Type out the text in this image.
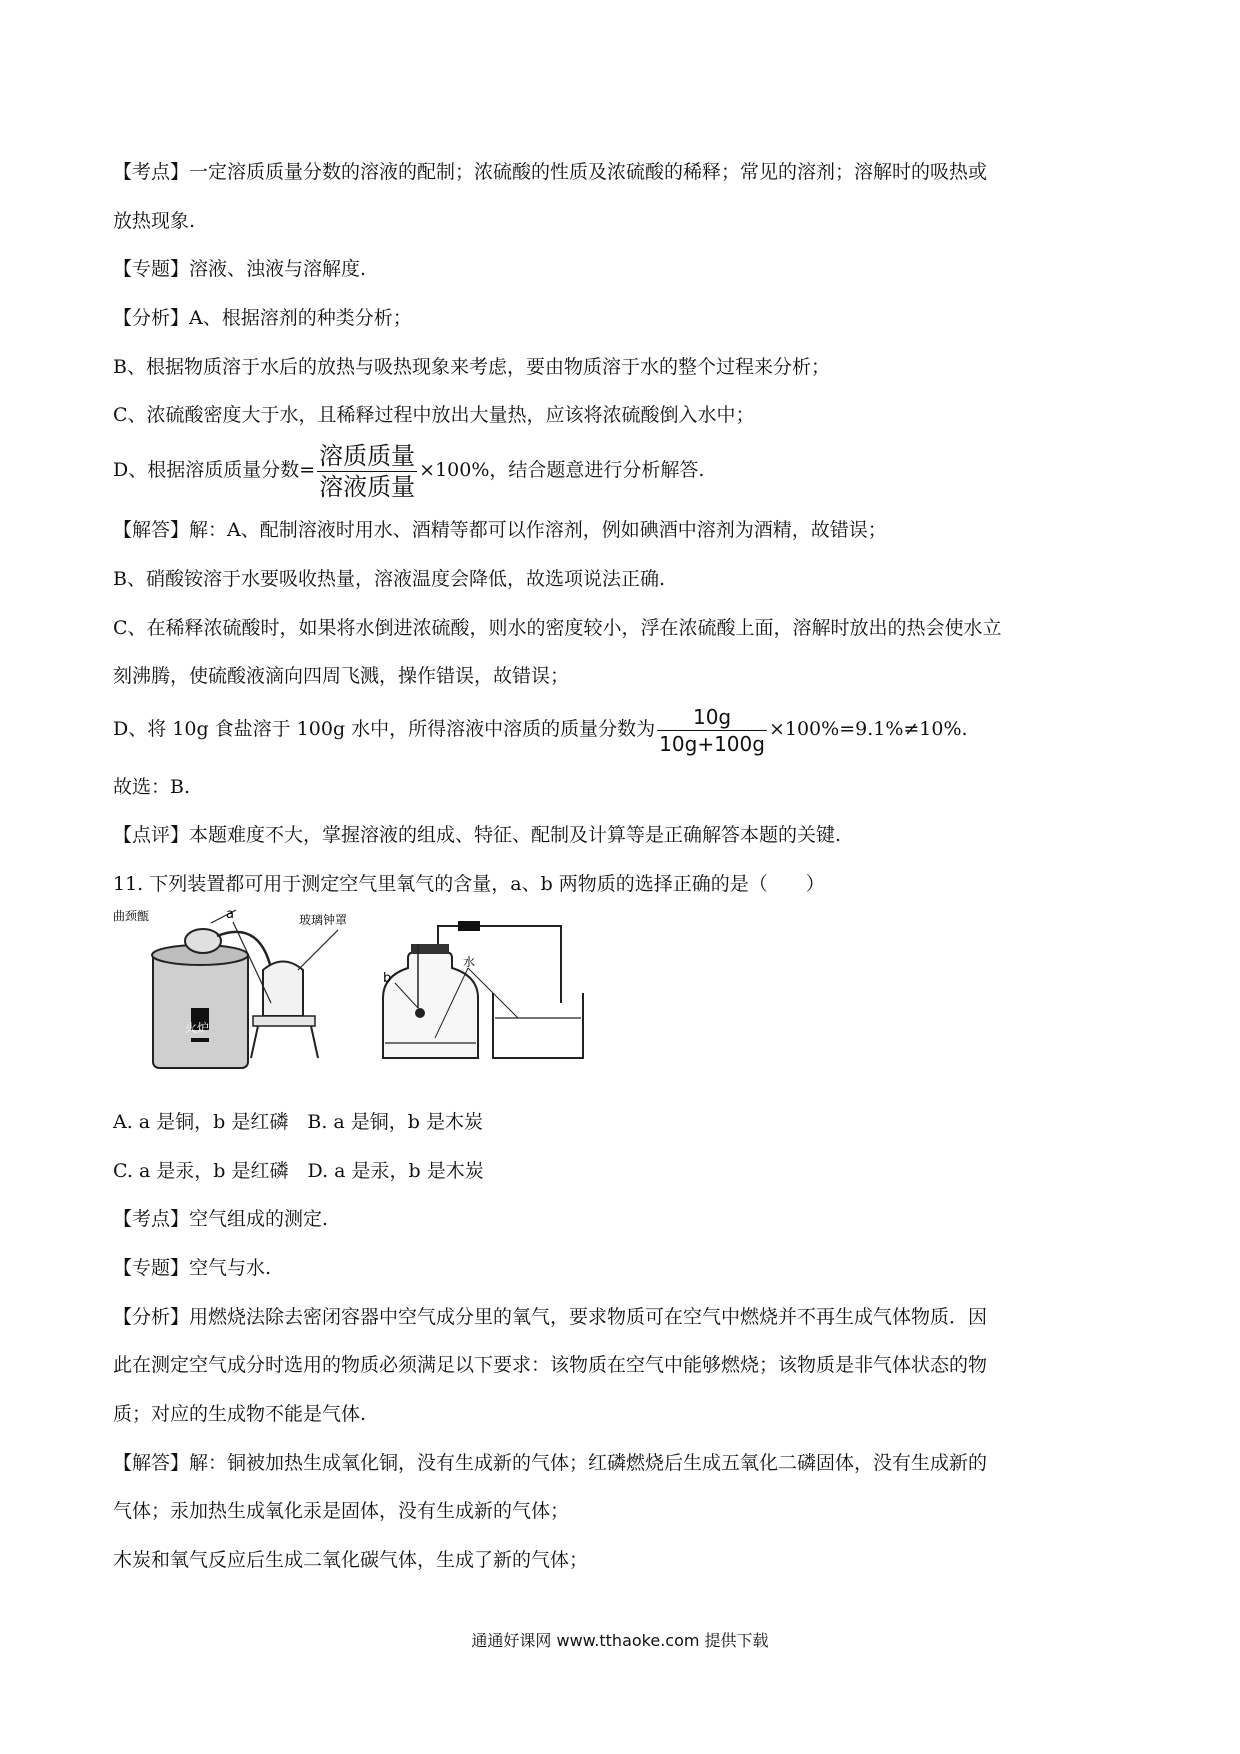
【考点】一定溶质质量分数的溶液的配制；浓硫酸的性质及浓硫酸的稀释；常见的溶剂；溶解时的吸热或
放热现象.
【专题】溶液、浊液与溶解度.
【分析】A、根据溶剂的种类分析；
B、根据物质溶于水后的放热与吸热现象来考虑，要由物质溶于水的整个过程来分析；
C、浓硫酸密度大于水，且稀释过程中放出大量热，应该将浓硫酸倒入水中；
D、根据溶质质量分数= $\frac{\text{溶质质量}}{\text{溶液质量}} \times 100\%$，结合题意进行分析解答.
【解答】解：A、配制溶液时用水、酒精等都可以作溶剂，例如碘酒中溶剂为酒精，故错误；
B、硝酸铵溶于水要吸收热量，溶液温度会降低，故选项说法正确.
C、在稀释浓硫酸时，如果将水倒进浓硫酸，则水的密度较小，浮在浓硫酸上面，溶解时放出的热会使水立
刻沸腾，使硫酸液滴向四周飞溅，操作错误，故错误；
D、将 10g 食盐溶于 100g 水中，所得溶液中溶质的质量分数为 $\frac{10g}{10g+100g} \times 100\%=9.1\%\ne 10\%$.
故选：B.
【点评】本题难度不大，掌握溶液的组成、特征、配制及计算等是正确解答本题的关键.
11. 下列装置都可用于测定空气里氧气的含量，a、b 两物质的选择正确的是（　　）
曲颈甑	a	玻璃钟罩
火炉
b
水
A. a 是铜，b 是红磷　B. a 是铜，b 是木炭
C. a 是汞，b 是红磷　D. a 是汞，b 是木炭
【考点】空气组成的测定.
【专题】空气与水.
【分析】用燃烧法除去密闭容器中空气成分里的氧气，要求物质可在空气中燃烧并不再生成气体物质．因
此在测定空气成分时选用的物质必须满足以下要求：该物质在空气中能够燃烧；该物质是非气体状态的物
质；对应的生成物不能是气体.
【解答】解：铜被加热生成氧化铜，没有生成新的气体；红磷燃烧后生成五氧化二磷固体，没有生成新的
气体；汞加热生成氧化汞是固体，没有生成新的气体；
木炭和氧气反应后生成二氧化碳气体，生成了新的气体；
通通好课网 www.tthaoke.com 提供下载
